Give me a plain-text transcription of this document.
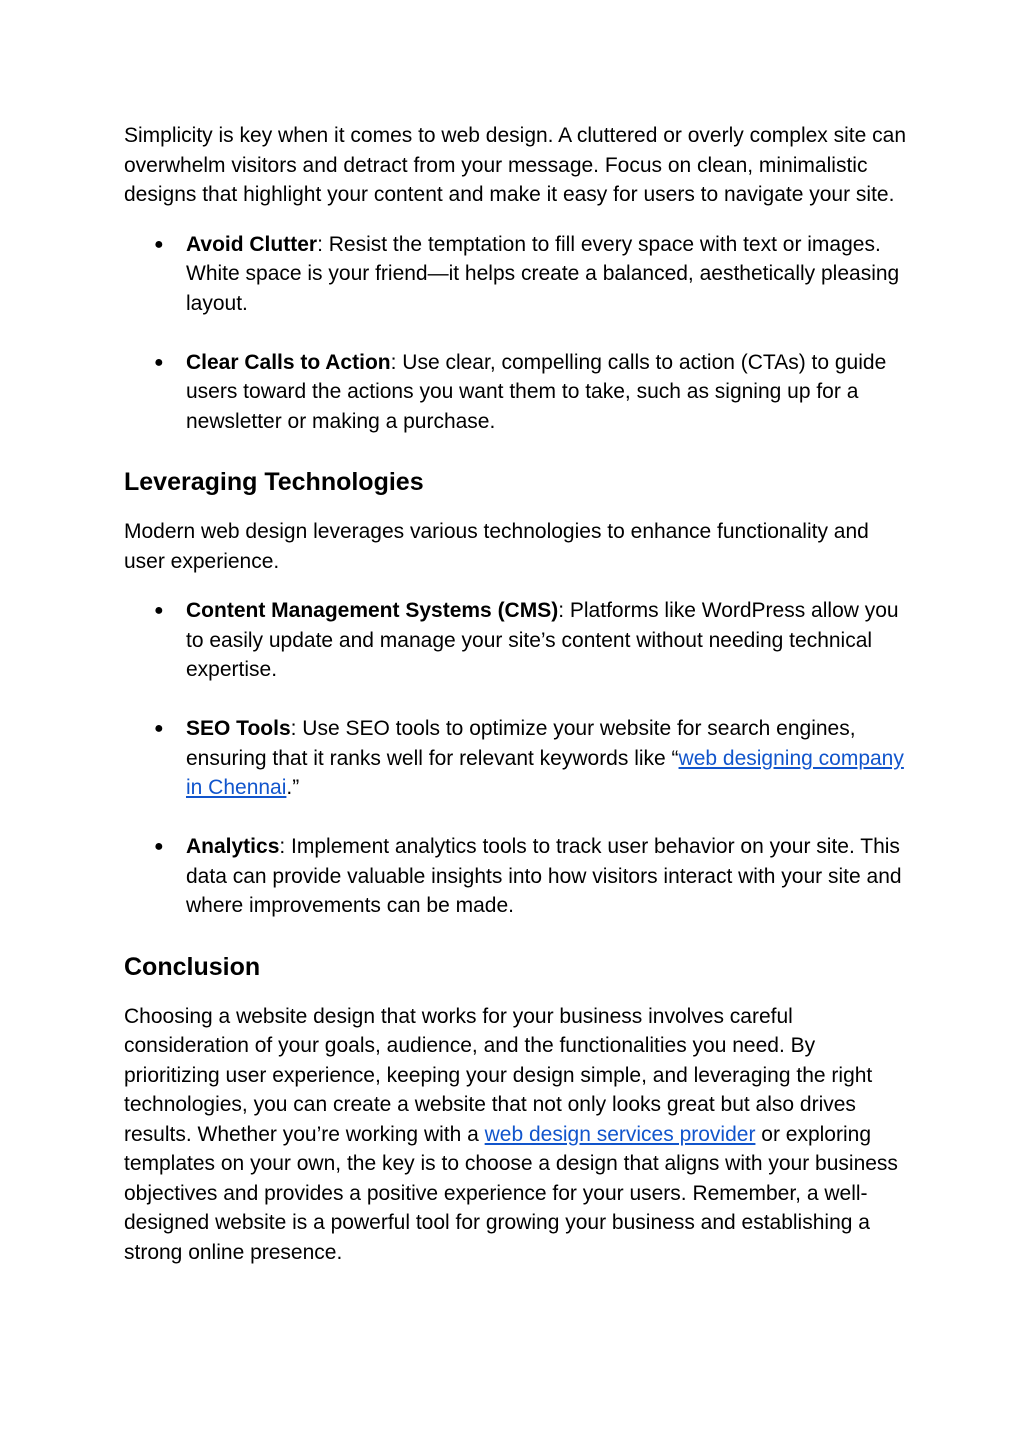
Simplicity is key when it comes to web design. A cluttered or overly complex site can overwhelm visitors and detract from your message. Focus on clean, minimalistic designs that highlight your content and make it easy for users to navigate your site.

● Avoid Clutter: Resist the temptation to fill every space with text or images. White space is your friend—it helps create a balanced, aesthetically pleasing layout.
● Clear Calls to Action: Use clear, compelling calls to action (CTAs) to guide users toward the actions you want them to take, such as signing up for a newsletter or making a purchase.
Leveraging Technologies

Modern web design leverages various technologies to enhance functionality and user experience.

● Content Management Systems (CMS): Platforms like WordPress allow you to easily update and manage your site’s content without needing technical expertise.
● SEO Tools: Use SEO tools to optimize your website for search engines, ensuring that it ranks well for relevant keywords like “web designing company in Chennai.”
● Analytics: Implement analytics tools to track user behavior on your site. This data can provide valuable insights into how visitors interact with your site and where improvements can be made.
Conclusion

Choosing a website design that works for your business involves careful consideration of your goals, audience, and the functionalities you need. By prioritizing user experience, keeping your design simple, and leveraging the right technologies, you can create a website that not only looks great but also drives results. Whether you’re working with a web design services provider or exploring templates on your own, the key is to choose a design that aligns with your business objectives and provides a positive experience for your users. Remember, a well-designed website is a powerful tool for growing your business and establishing a strong online presence.
